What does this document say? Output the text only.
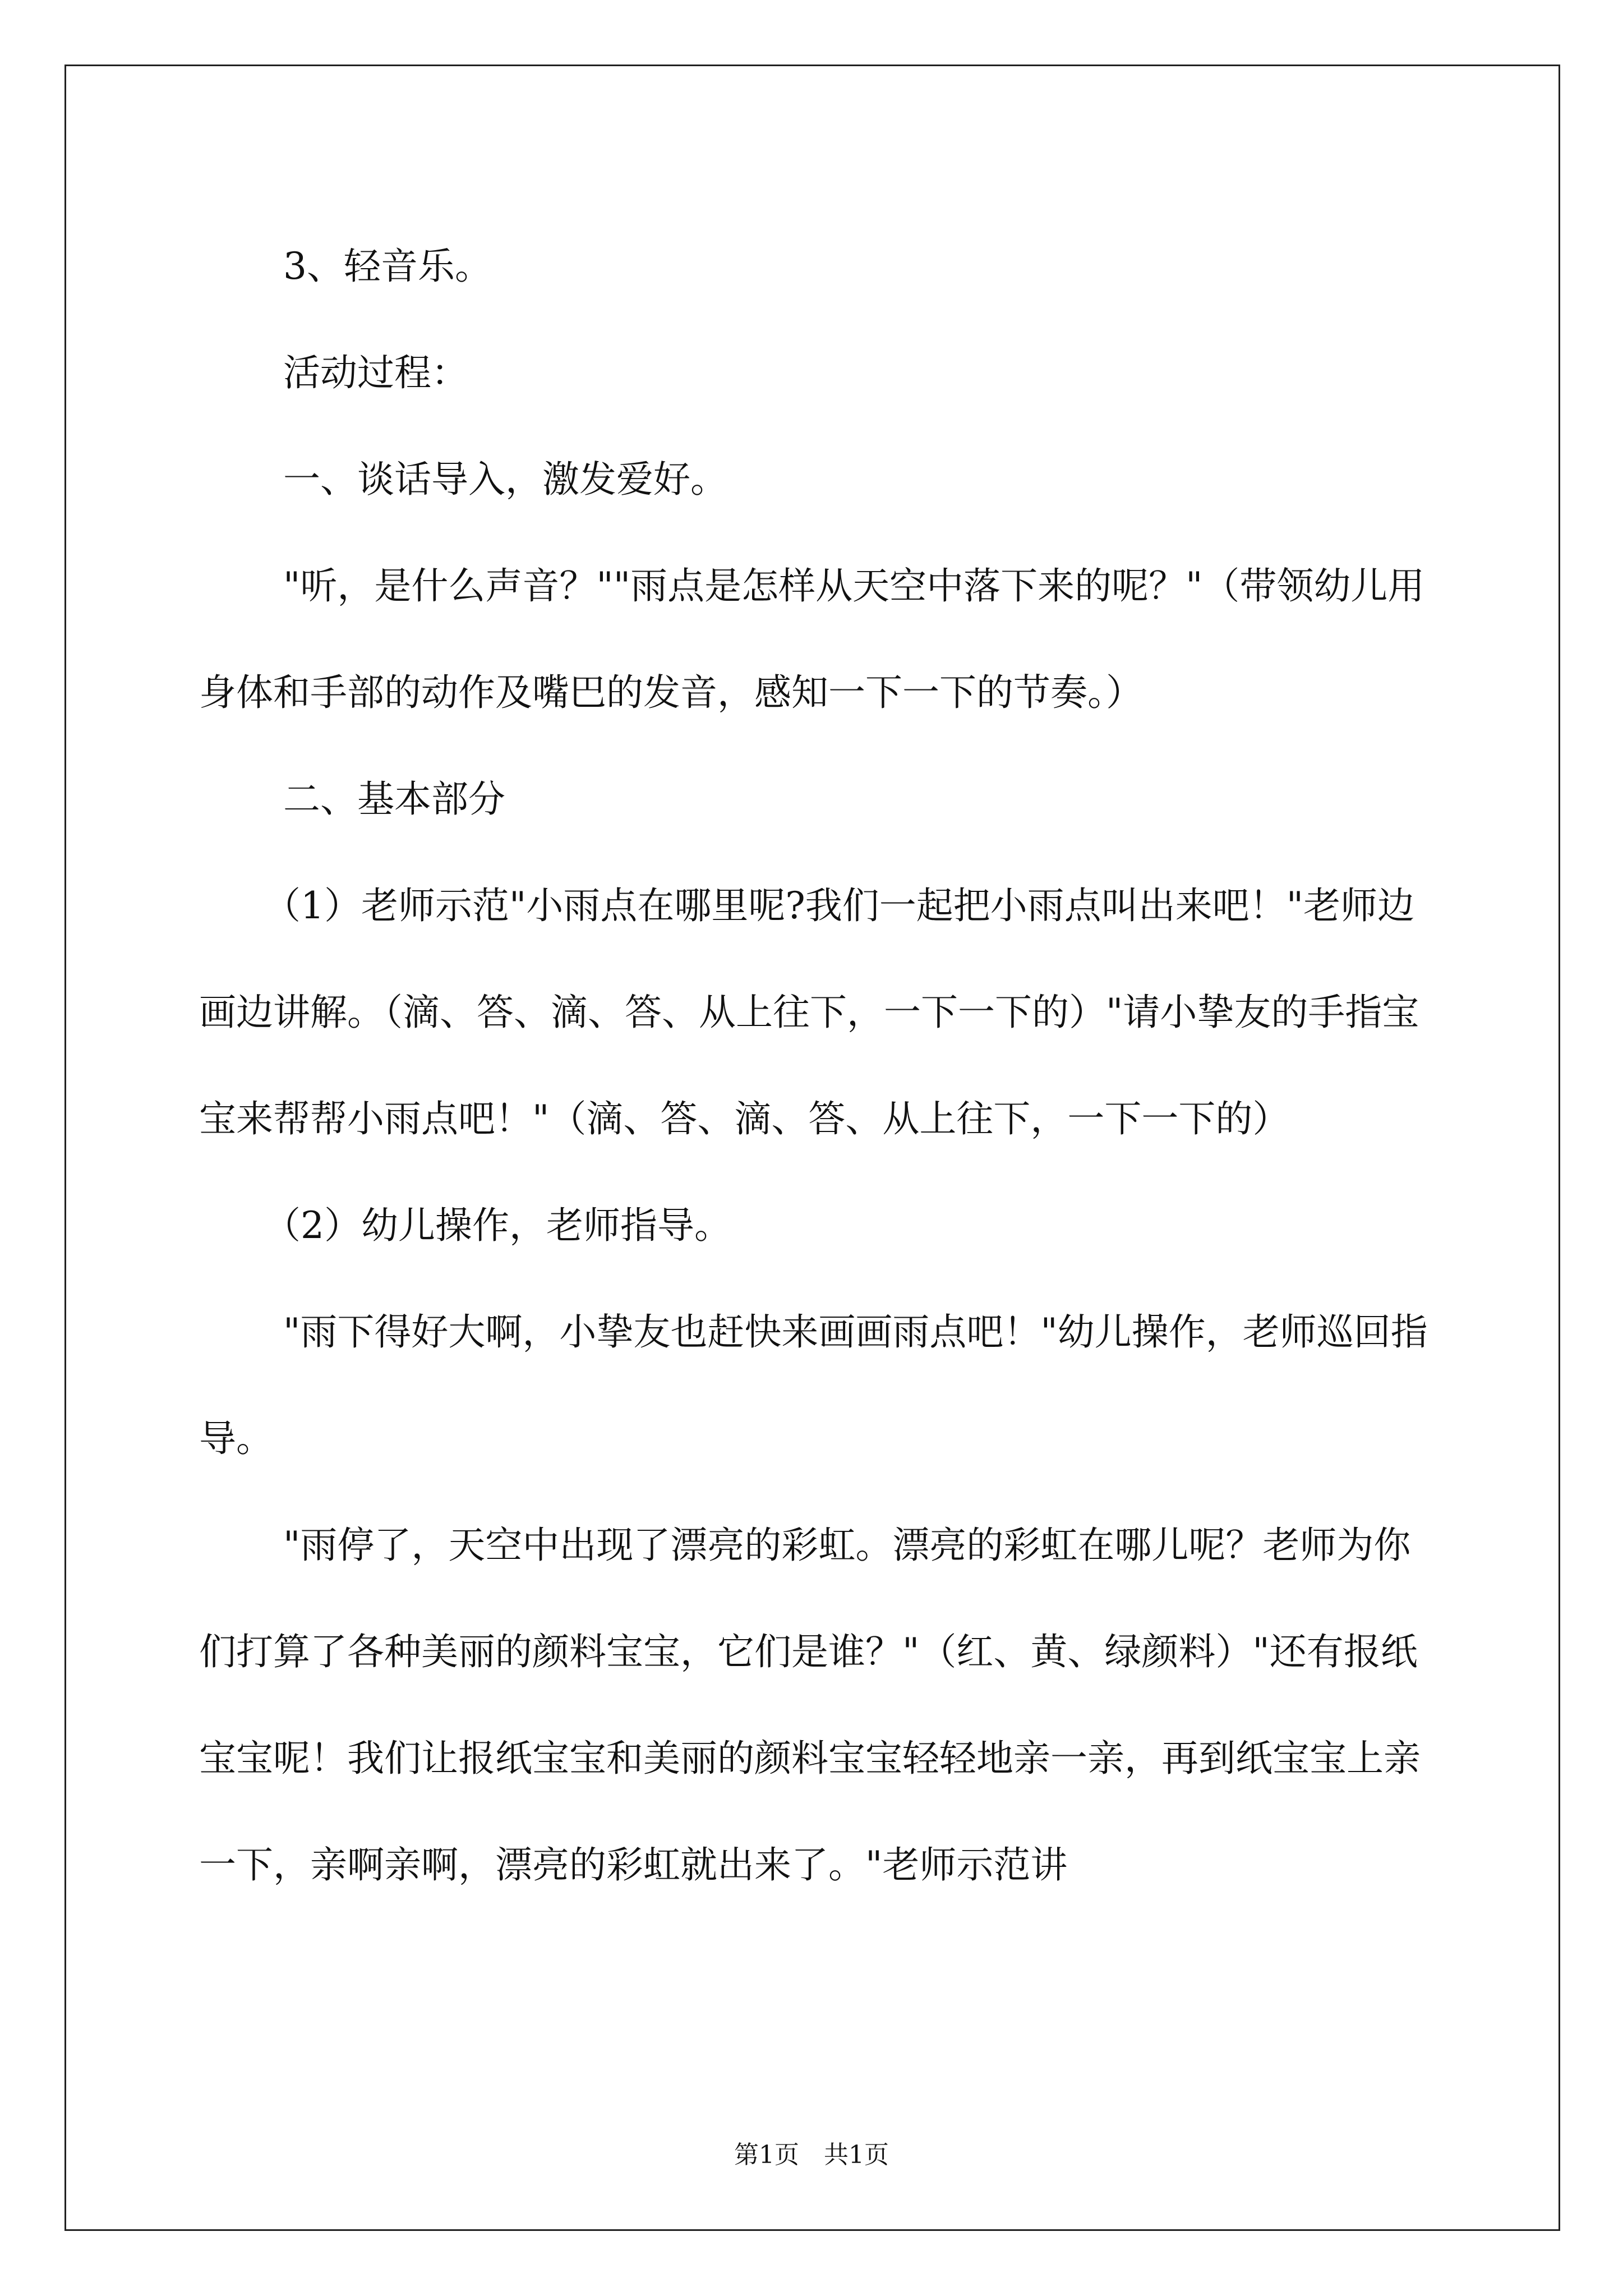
3、轻音乐。

活动过程：

一、谈话导入，激发爱好。

"听，是什么声音？""雨点是怎样从天空中落下来的呢？"（带领幼儿用身体和手部的动作及嘴巴的发音，感知一下一下的节奏。）

二、基本部分

（1）老师示范"小雨点在哪里呢?我们一起把小雨点叫出来吧！"老师边画边讲解。（滴、答、滴、答、从上往下，一下一下的）"请小挚友的手指宝宝来帮帮小雨点吧！"（滴、答、滴、答、从上往下，一下一下的）

（2）幼儿操作，老师指导。

"雨下得好大啊，小挚友也赶快来画画雨点吧！"幼儿操作，老师巡回指导。

"雨停了，天空中出现了漂亮的彩虹。漂亮的彩虹在哪儿呢？老师为你们打算了各种美丽的颜料宝宝，它们是谁？"（红、黄、绿颜料）"还有报纸宝宝呢！我们让报纸宝宝和美丽的颜料宝宝轻轻地亲一亲，再到纸宝宝上亲一下，亲啊亲啊，漂亮的彩虹就出来了。"老师示范讲

第1页 共1页
